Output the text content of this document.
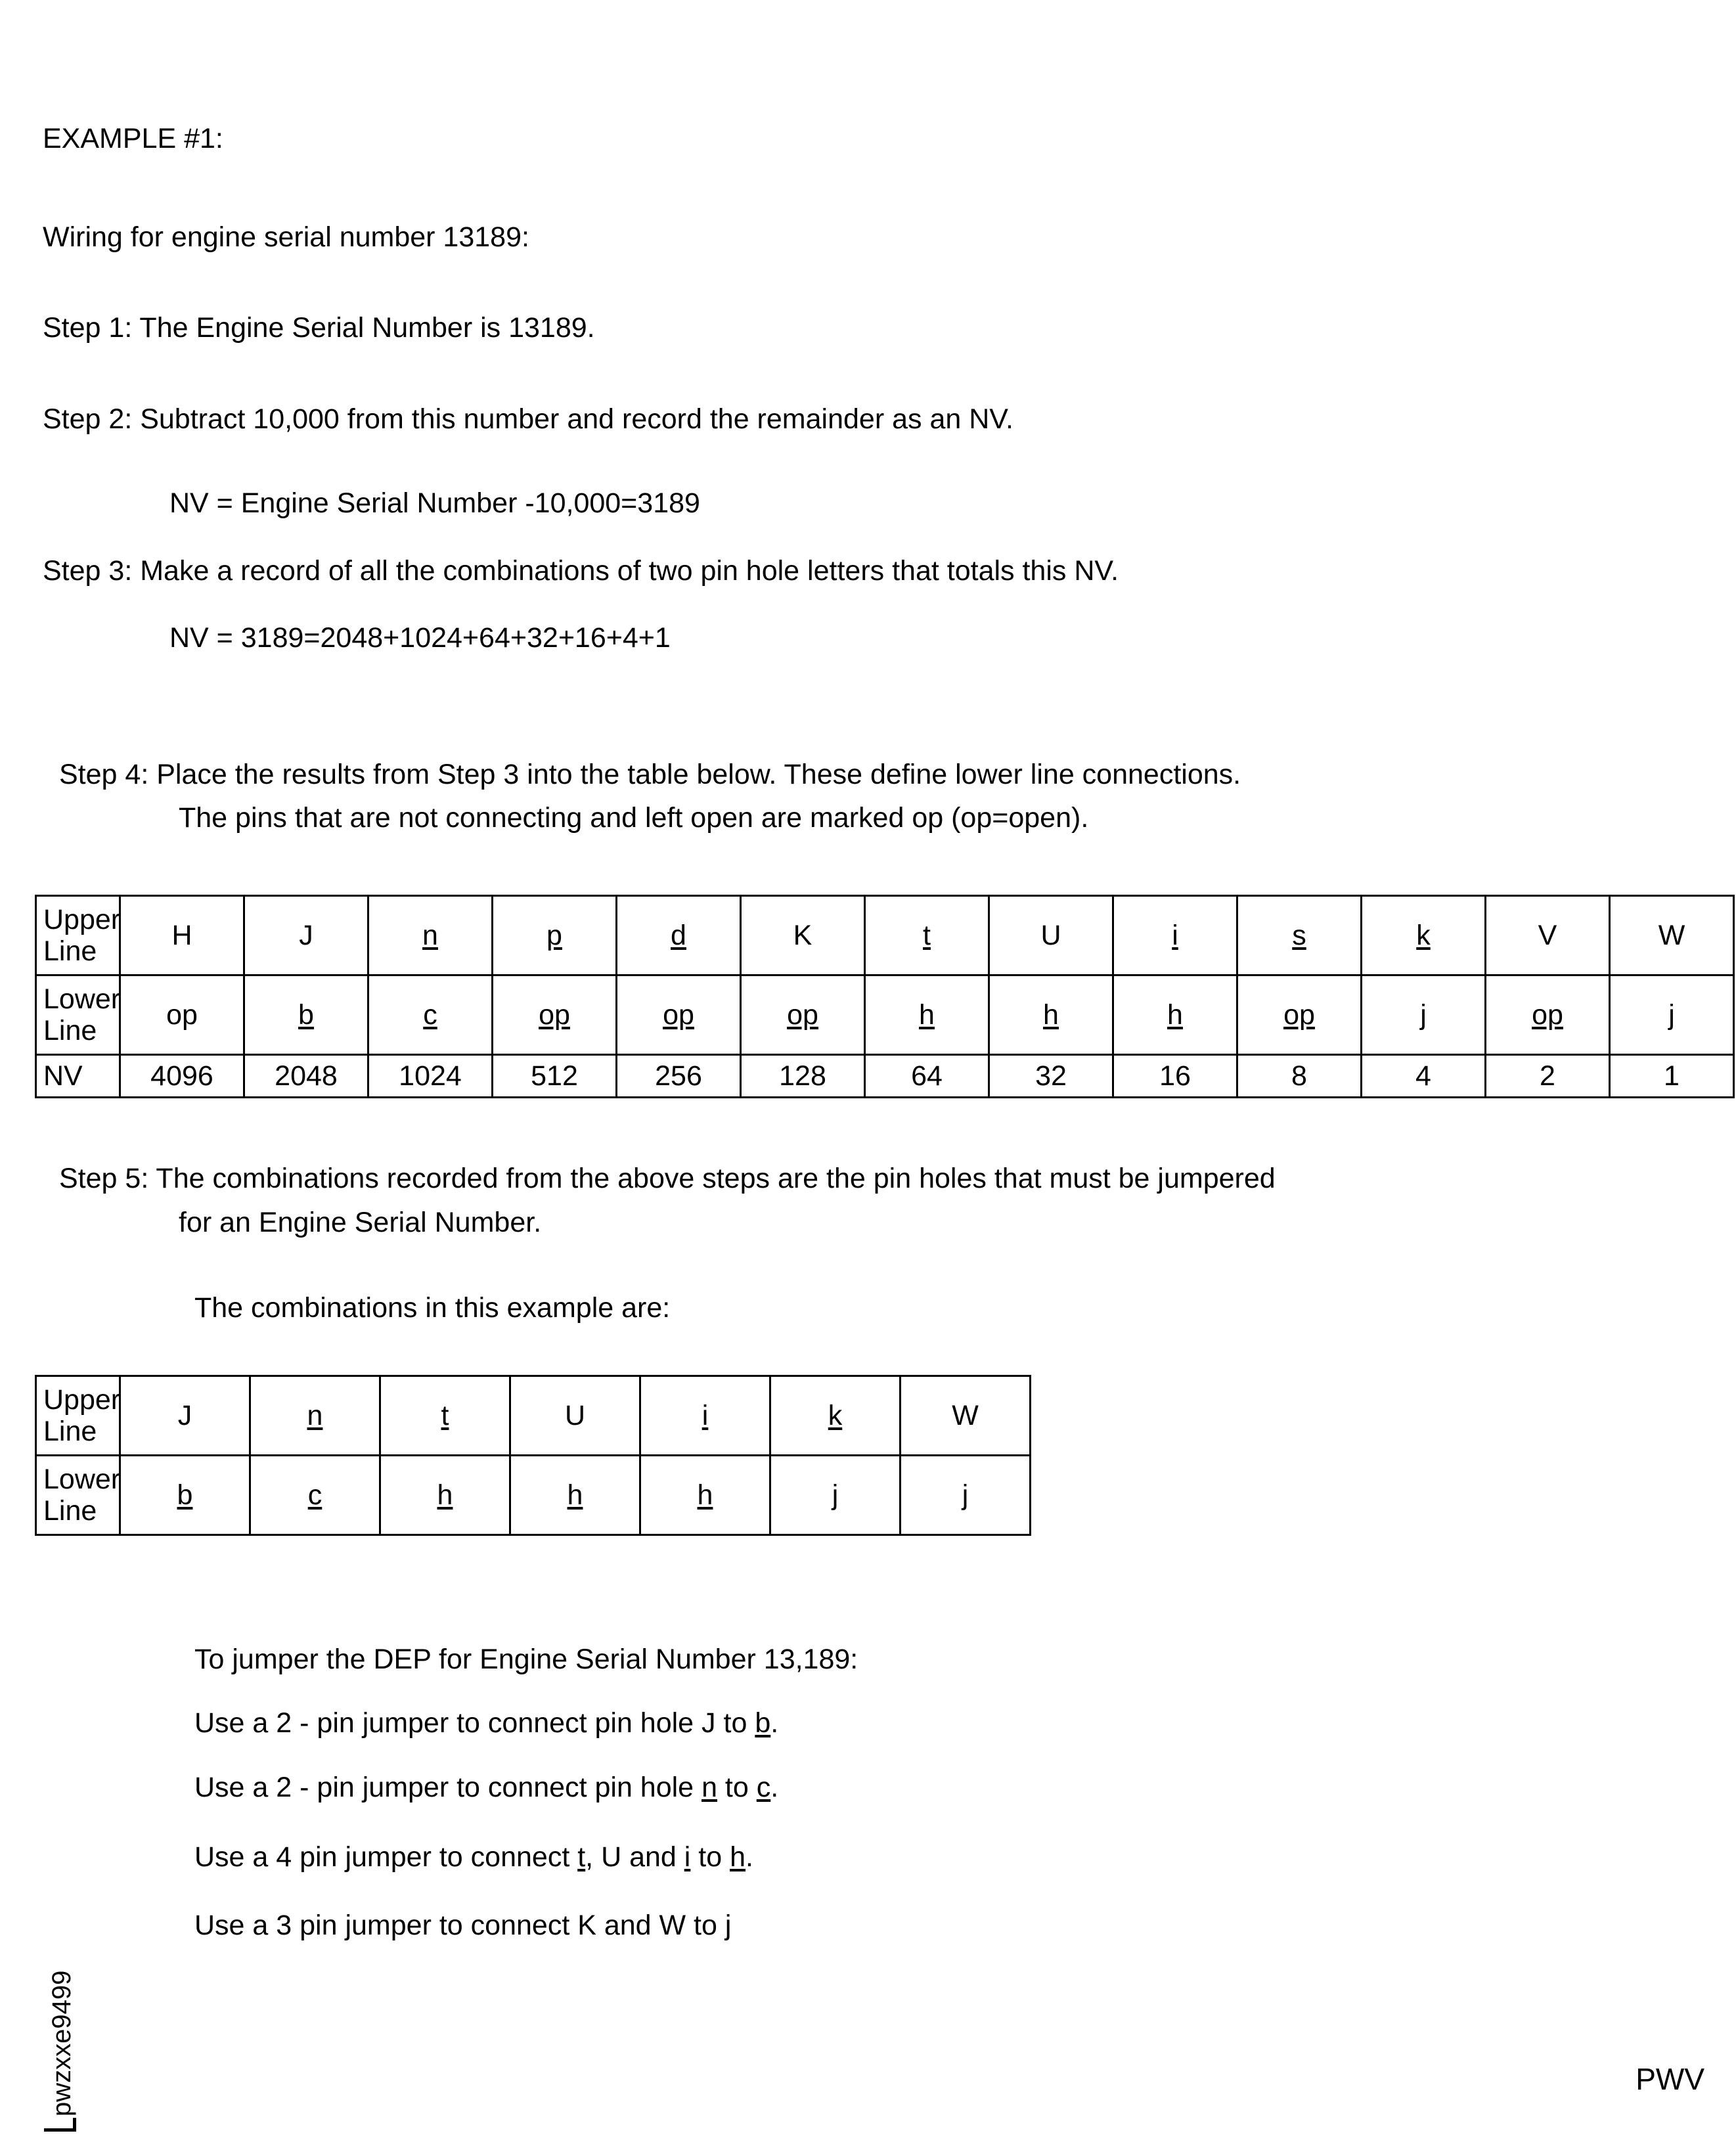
EXAMPLE #1:
Wiring for engine serial number 13189:
Step 1: The Engine Serial Number is 13189.
Step 2: Subtract 10,000 from this number and record the remainder as an NV.
NV = Engine Serial Number -10,000=3189
Step 3: Make a record of all the combinations of two pin hole letters that totals this NV.
NV = 3189=2048+1024+64+32+16+4+1
Step 4: Place the results from Step 3 into the table below. These define lower line connections.
The pins that are not connecting and left open are marked op (op=open).
Upper Line	H	J	n	p	d	K	t	U	i	s	k	V	W
Lower Line	op	b	c	op	op	op	h	h	h	op	j	op	j
NV	4096	2048	1024	512	256	128	64	32	16	8	4	2	1
Step 5: The combinations recorded from the above steps are the pin holes that must be jumpered
for an Engine Serial Number.
The combinations in this example are:
Upper Line	J	n	t	U	i	k	W
Lower Line	b	c	h	h	h	j	j
To jumper the DEP for Engine Serial Number 13,189:
Use a 2 - pin jumper to connect pin hole J to b.
Use a 2 - pin jumper to connect pin hole n to c.
Use a 4 pin jumper to connect t, U and i to h.
Use a 3 pin jumper to connect K and W to j
pwzxxe9499	PWV
